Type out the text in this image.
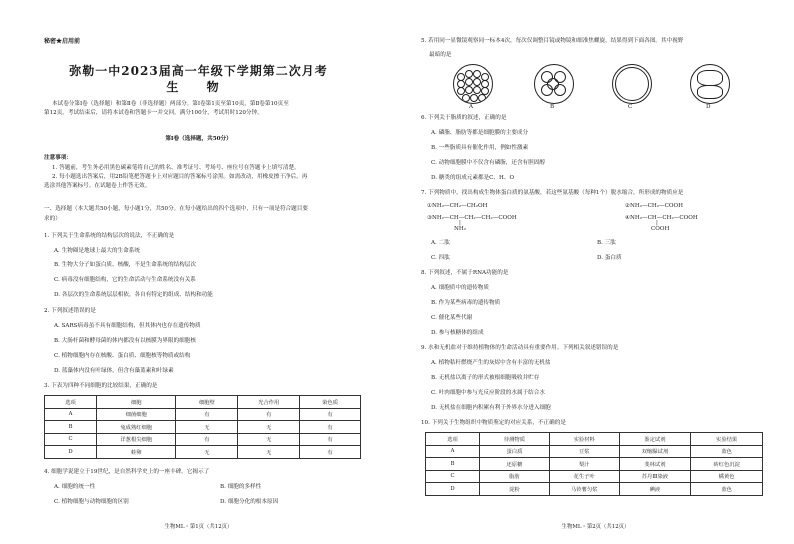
秘密★启用前
弥勒一中2023届高一年级下学期第二次月考
生 物
本试卷分第Ⅰ卷（选择题）和第Ⅱ卷（非选择题）两部分。第Ⅰ卷第1页至第10页，第Ⅱ卷第10页至
第12页。考试结束后，请将本试卷和答题卡一并交回。满分100分，考试用时120分钟。
第Ⅰ卷（选择题，共50分）
注意事项：
1. 答题前，考生务必用黑色碳素笔将自己的姓名、准考证号、考场号、座位号在答题卡上填写清楚。
2. 每小题选出答案后，用2B铅笔把答题卡上对应题目的答案标号涂黑。如需改动，用橡皮擦干净后，再
选涂其他答案标号。在试题卷上作答无效。
一、选择题（本大题共50小题，每小题1分，共50分。在每小题给出的四个选项中，只有一项是符合题目要
求的）
1. 下列关于生命系统的结构层次的说法，不正确的是
A. 生物圈是地球上最大的生命系统
B. 生物大分子如蛋白质、核酸，不是生命系统的结构层次
C. 病毒没有细胞结构，它的生命活动与生命系统没有关系
D. 各层次的生命系统层层相依，各自有特定的组成、结构和功能
2. 下列叙述错误的是
A. SARS病毒虽不具有细胞结构，但其体内也存在遗传物质
B. 大肠杆菌和酵母菌的体内都没有以核膜为界限的细胞核
C. 植物细胞内存在核酸、蛋白质、细胞核等物质或结构
D. 蓝藻体内没有叶绿体，但含有藻蓝素和叶绿素
3. 下表为四种不同细胞的比较结果，正确的是
选项	细胞	细胞壁	光合作用	染色质
A	细菌细胞	有	有	有
B	兔成熟红细胞	无	无	有
C	洋葱根尖细胞	有	无	有
D	蛙卵	无	无	有
4. 细胞学说建立于19世纪，是自然科学史上的一座丰碑。它揭示了
A. 细胞的统一性	B. 细胞的多样性
C. 植物细胞与动物细胞的区别	D. 细胞分化的根本原因
生物ML・第1页（共12页）
5. 若用同一显微镜观察同一标本4次，每次仅调整目镜或物镜和细准焦螺旋，结果得到下面各图。其中视野
最暗的是
A	B	C	D
6. 下列关于脂质的叙述，正确的是
A. 磷脂、脂肪等都是细胞膜的主要成分
B. 一些脂质具有催化作用，例如性激素
C. 动物细胞膜中不仅含有磷脂，还含有胆固醇
D. 糖类的组成元素都是C、H、O
7. 下列物质中，找出构成生物体蛋白质的氨基酸，若这些氨基酸（每种1个）脱水缩合，所形成的物质应是
①NH₂—CH₂—CH₂OH	②NH₂—CH₂—COOH
③NH₂—CH—CH₂—CH₂—COOH
|
NH₂
④NH₂—CH—CH₂—COOH
|
COOH
A. 二肽	B. 三肽
C. 四肽	D. 蛋白质
8. 下列叙述，不属于RNA功能的是
A. 细胞质中的遗传物质
B. 作为某些病毒的遗传物质
C. 催化某些代谢
D. 参与核糖体的组成
9. 水和无机盐对于维持植物体的生命活动具有重要作用。下列相关叙述错误的是
A. 植物秸秆燃烧产生的灰烬中含有丰富的无机盐
B. 无机盐以离子的形式被根细胞吸收并贮存
C. 叶肉细胞中参与光反应阶段的水属于结合水
D. 无机盐在细胞内积累有利于外界水分进入细胞
10. 下列关于生物组织中物质鉴定的对应关系，不正确的是
选项	待测物质	实验材料	鉴定试剂	实验结果
A	蛋白质	豆浆	双缩脲试剂	蓝色
B	还原糖	梨汁	斐林试剂	砖红色沉淀
C	脂肪	花生子叶	苏丹Ⅲ染液	橘黄色
D	淀粉	马铃薯匀浆	碘液	蓝色
生物ML・第2页（共12页）
